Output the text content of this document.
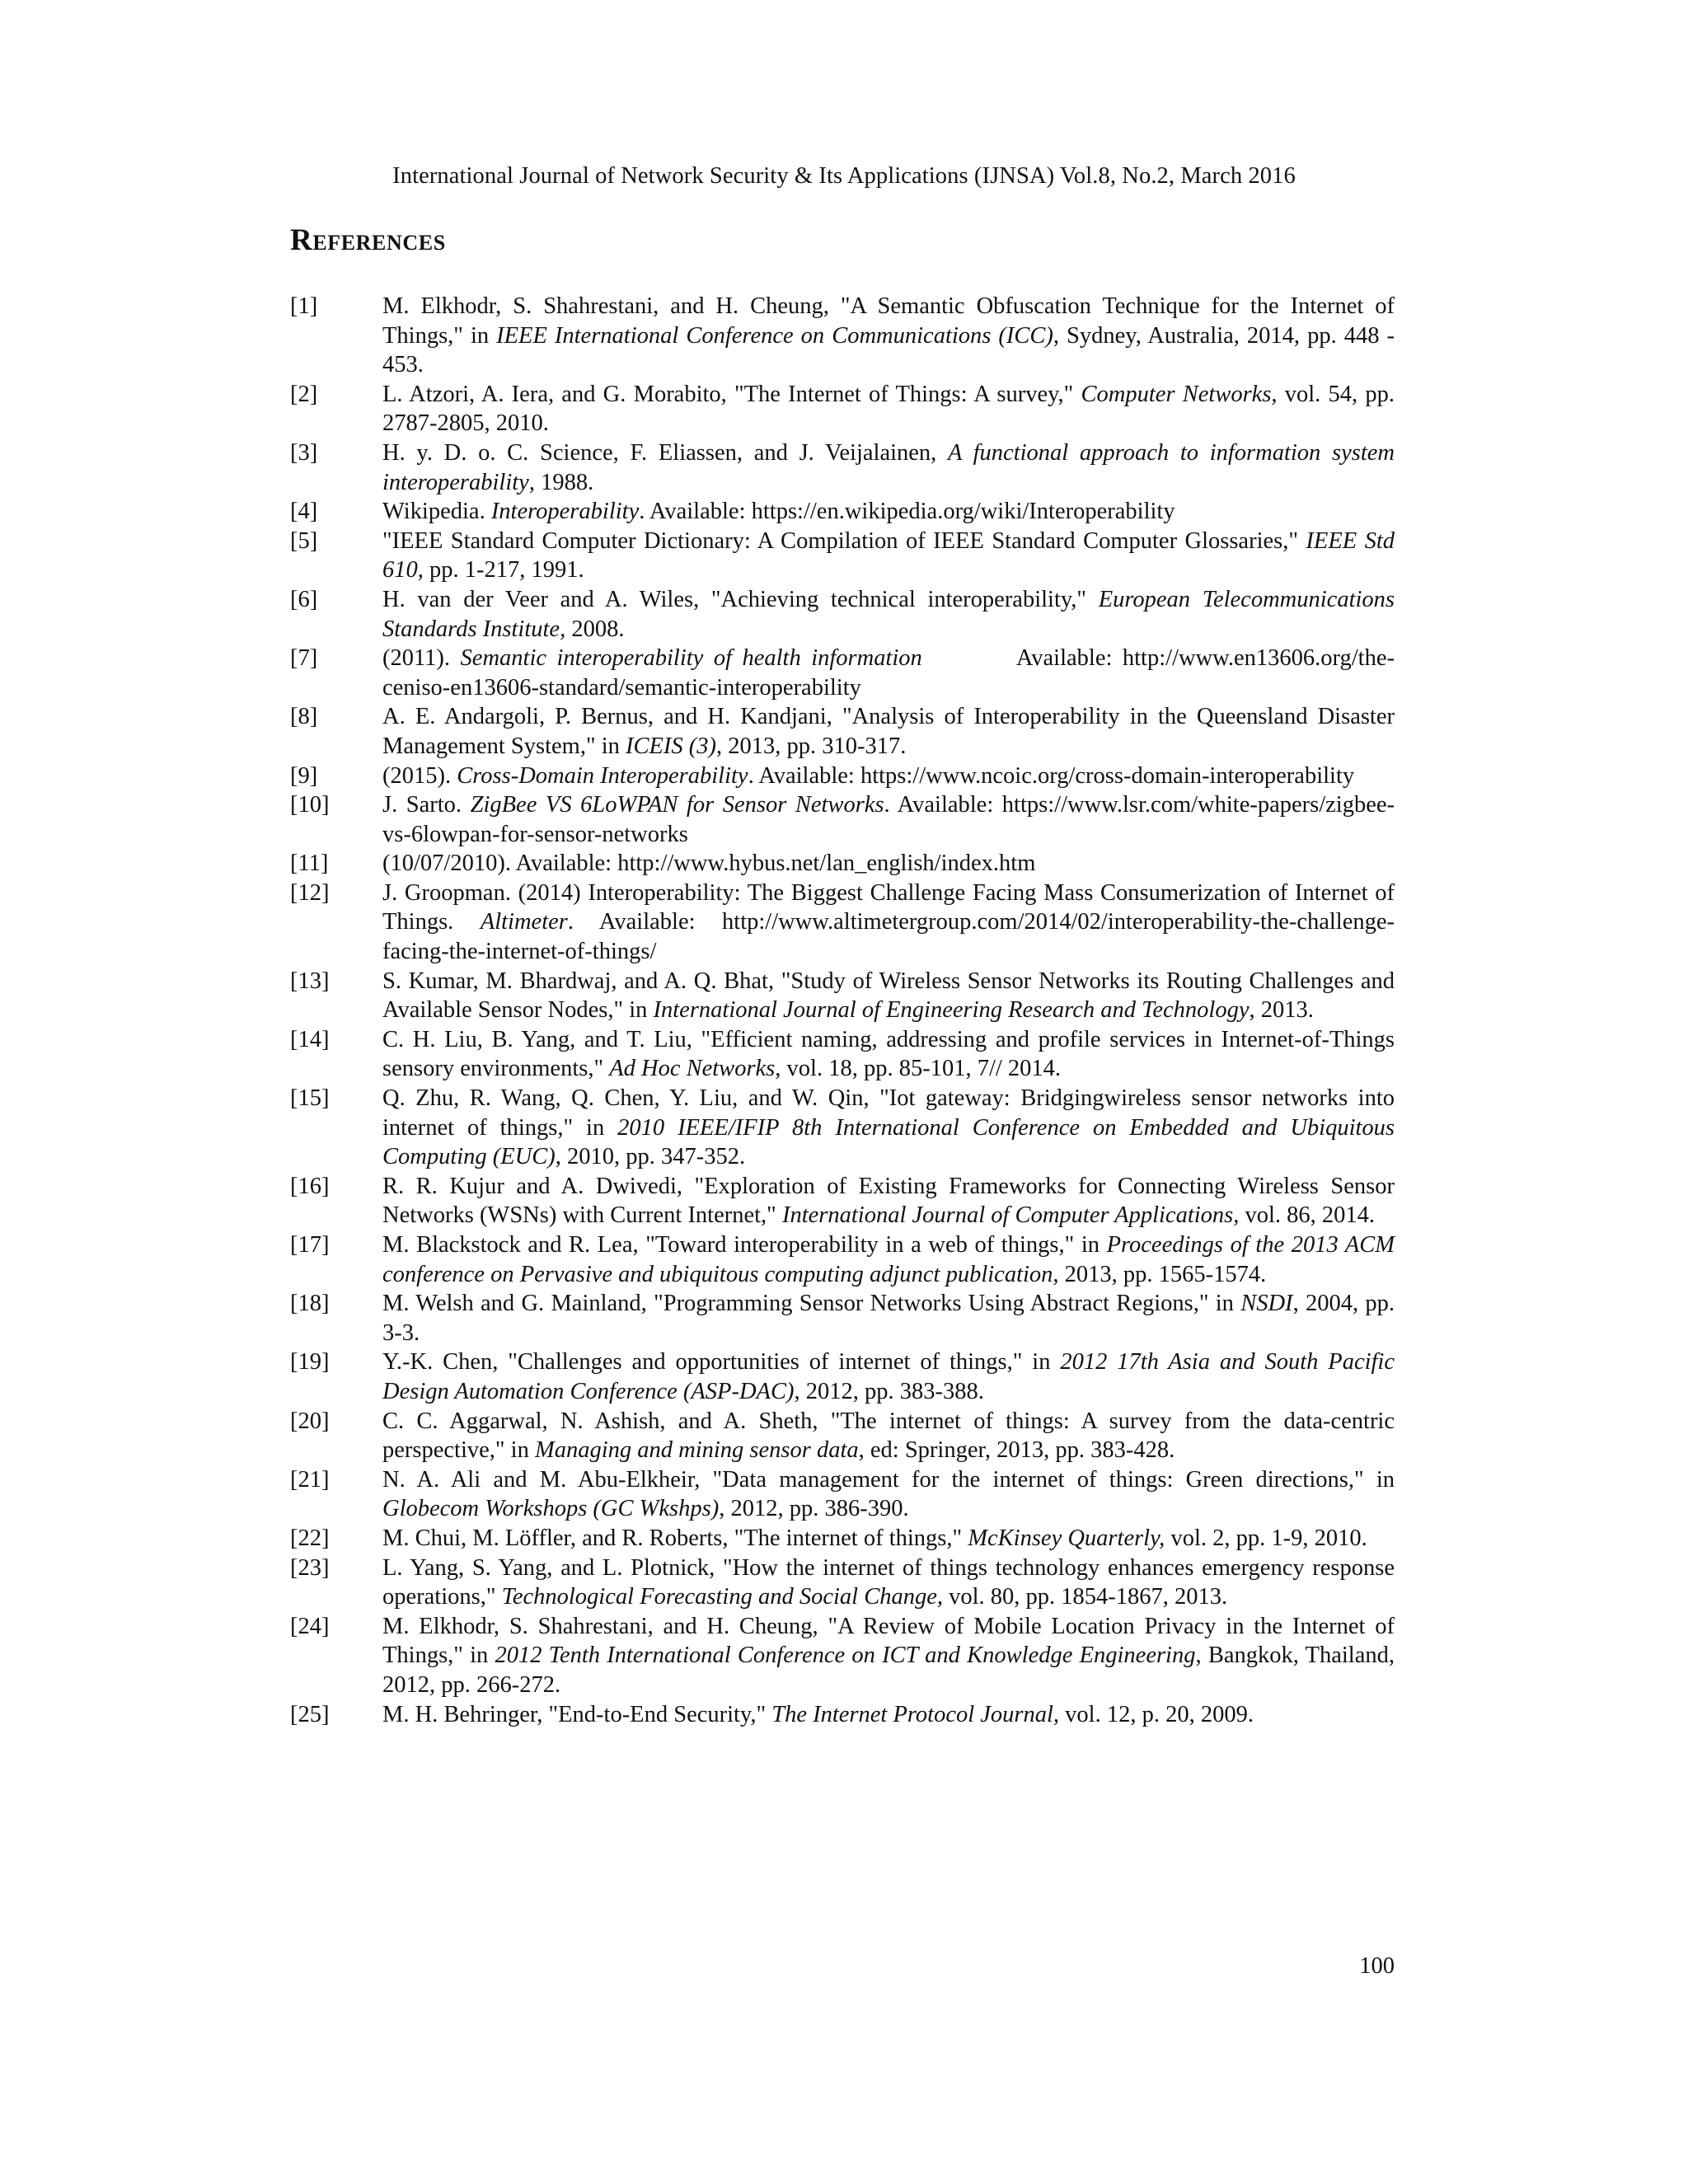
International Journal of Network Security & Its Applications (IJNSA) Vol.8, No.2, March 2016
References
[1]	M. Elkhodr, S. Shahrestani, and H. Cheung, "A Semantic Obfuscation Technique for the Internet of Things," in IEEE International Conference on Communications (ICC), Sydney, Australia, 2014, pp. 448 - 453.
[2]	L. Atzori, A. Iera, and G. Morabito, "The Internet of Things: A survey," Computer Networks, vol. 54, pp. 2787-2805, 2010.
[3]	H. y. D. o. C. Science, F. Eliassen, and J. Veijalainen, A functional approach to information system interoperability, 1988.
[4]	Wikipedia. Interoperability. Available: https://en.wikipedia.org/wiki/Interoperability
[5]	"IEEE Standard Computer Dictionary: A Compilation of IEEE Standard Computer Glossaries," IEEE Std 610, pp. 1-217, 1991.
[6]	H. van der Veer and A. Wiles, "Achieving technical interoperability," European Telecommunications Standards Institute, 2008.
[7]	(2011). Semantic interoperability of health information    Available: http://www.en13606.org/the-ceniso-en13606-standard/semantic-interoperability
[8]	A. E. Andargoli, P. Bernus, and H. Kandjani, "Analysis of Interoperability in the Queensland Disaster Management System," in ICEIS (3), 2013, pp. 310-317.
[9]	(2015). Cross-Domain Interoperability. Available: https://www.ncoic.org/cross-domain-interoperability
[10] J. Sarto. ZigBee VS 6LoWPAN for Sensor Networks. Available: https://www.lsr.com/white-papers/zigbee-vs-6lowpan-for-sensor-networks
[11] (10/07/2010). Available: http://www.hybus.net/lan_english/index.htm
[12] J. Groopman. (2014) Interoperability: The Biggest Challenge Facing Mass Consumerization of Internet of Things. Altimeter. Available: http://www.altimetergroup.com/2014/02/interoperability-the-challenge-facing-the-internet-of-things/
[13] S. Kumar, M. Bhardwaj, and A. Q. Bhat, "Study of Wireless Sensor Networks its Routing Challenges and Available Sensor Nodes," in International Journal of Engineering Research and Technology, 2013.
[14] C. H. Liu, B. Yang, and T. Liu, "Efficient naming, addressing and profile services in Internet-of-Things sensory environments," Ad Hoc Networks, vol. 18, pp. 85-101, 7// 2014.
[15] Q. Zhu, R. Wang, Q. Chen, Y. Liu, and W. Qin, "Iot gateway: Bridgingwireless sensor networks into internet of things," in 2010 IEEE/IFIP 8th International Conference on Embedded and Ubiquitous Computing (EUC), 2010, pp. 347-352.
[16] R. R. Kujur and A. Dwivedi, "Exploration of Existing Frameworks for Connecting Wireless Sensor Networks (WSNs) with Current Internet," International Journal of Computer Applications, vol. 86, 2014.
[17] M. Blackstock and R. Lea, "Toward interoperability in a web of things," in Proceedings of the 2013 ACM conference on Pervasive and ubiquitous computing adjunct publication, 2013, pp. 1565-1574.
[18] M. Welsh and G. Mainland, "Programming Sensor Networks Using Abstract Regions," in NSDI, 2004, pp. 3-3.
[19] Y.-K. Chen, "Challenges and opportunities of internet of things," in 2012 17th Asia and South Pacific Design Automation Conference (ASP-DAC), 2012, pp. 383-388.
[20] C. C. Aggarwal, N. Ashish, and A. Sheth, "The internet of things: A survey from the data-centric perspective," in Managing and mining sensor data, ed: Springer, 2013, pp. 383-428.
[21] N. A. Ali and M. Abu-Elkheir, "Data management for the internet of things: Green directions," in Globecom Workshops (GC Wkshps), 2012, pp. 386-390.
[22] M. Chui, M. Löffler, and R. Roberts, "The internet of things," McKinsey Quarterly, vol. 2, pp. 1-9, 2010.
[23] L. Yang, S. Yang, and L. Plotnick, "How the internet of things technology enhances emergency response operations," Technological Forecasting and Social Change, vol. 80, pp. 1854-1867, 2013.
[24] M. Elkhodr, S. Shahrestani, and H. Cheung, "A Review of Mobile Location Privacy in the Internet of Things," in 2012 Tenth International Conference on ICT and Knowledge Engineering, Bangkok, Thailand, 2012, pp. 266-272.
[25] M. H. Behringer, "End-to-End Security," The Internet Protocol Journal, vol. 12, p. 20, 2009.
100
